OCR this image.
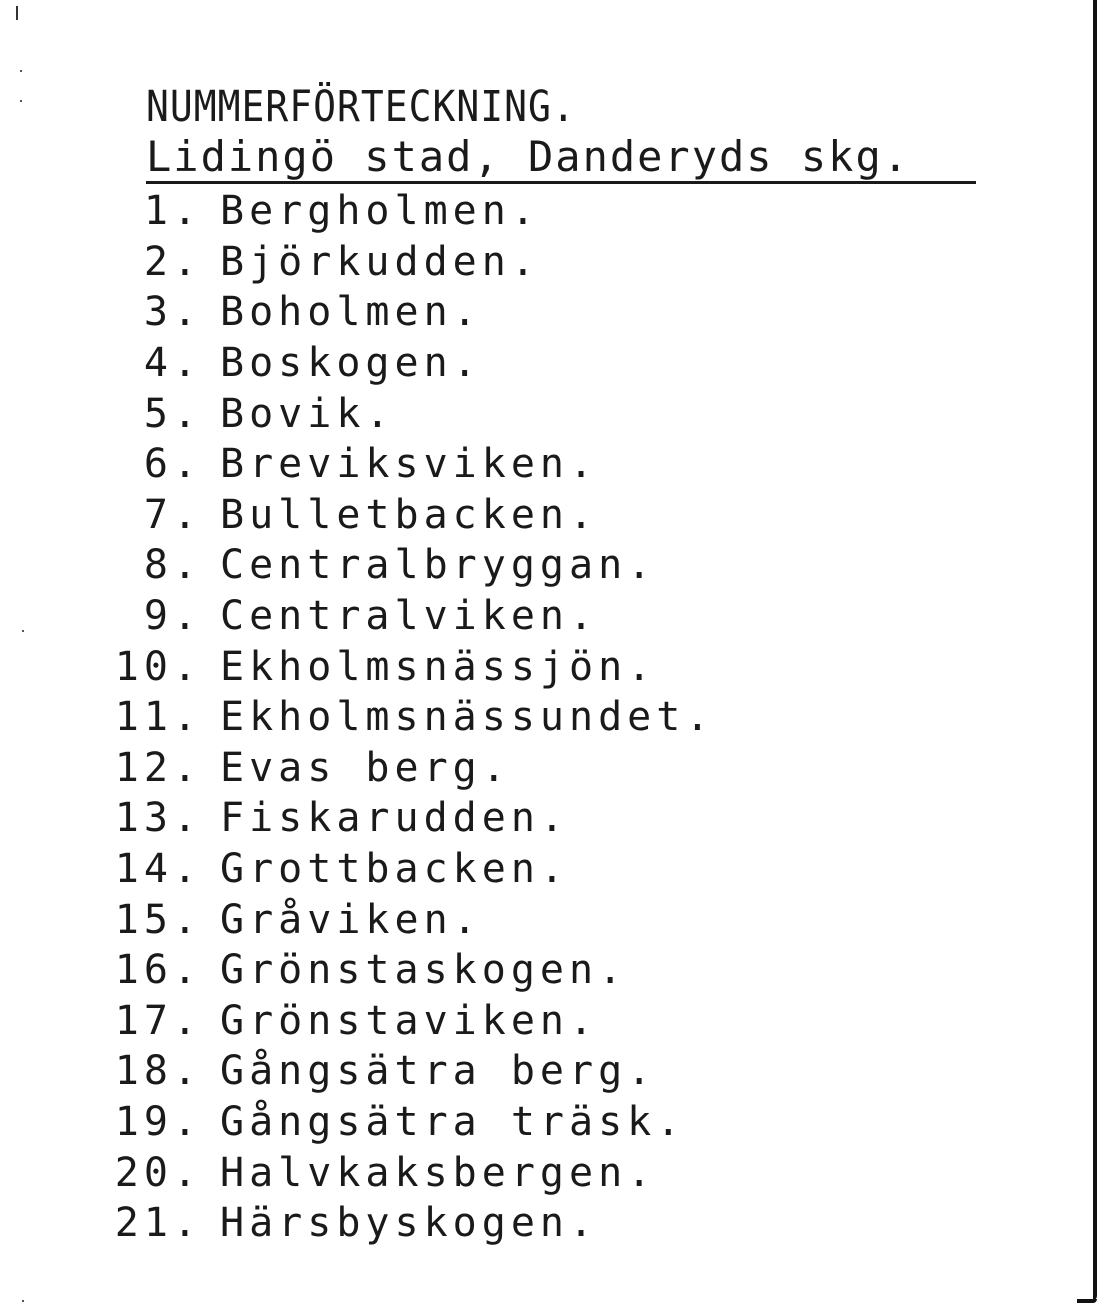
NUMMERFÖRTECKNING.
Lidingö stad, Danderyds skg.
1. Bergholmen.
2. Björkudden.
3. Boholmen.
4. Boskogen.
5. Bovik.
6. Breviksviken.
7. Bulletbacken.
8. Centralbryggan.
9. Centralviken.
10. Ekholmsnässjön.
11. Ekholmsnässundet.
12. Evas berg.
13. Fiskarudden.
14. Grottbacken.
15. Gråviken.
16. Grönstaskogen.
17. Grönstaviken.
18. Gångsätra berg.
19. Gångsätra träsk.
20. Halvkaksbergen.
21. Härsbyskogen.
